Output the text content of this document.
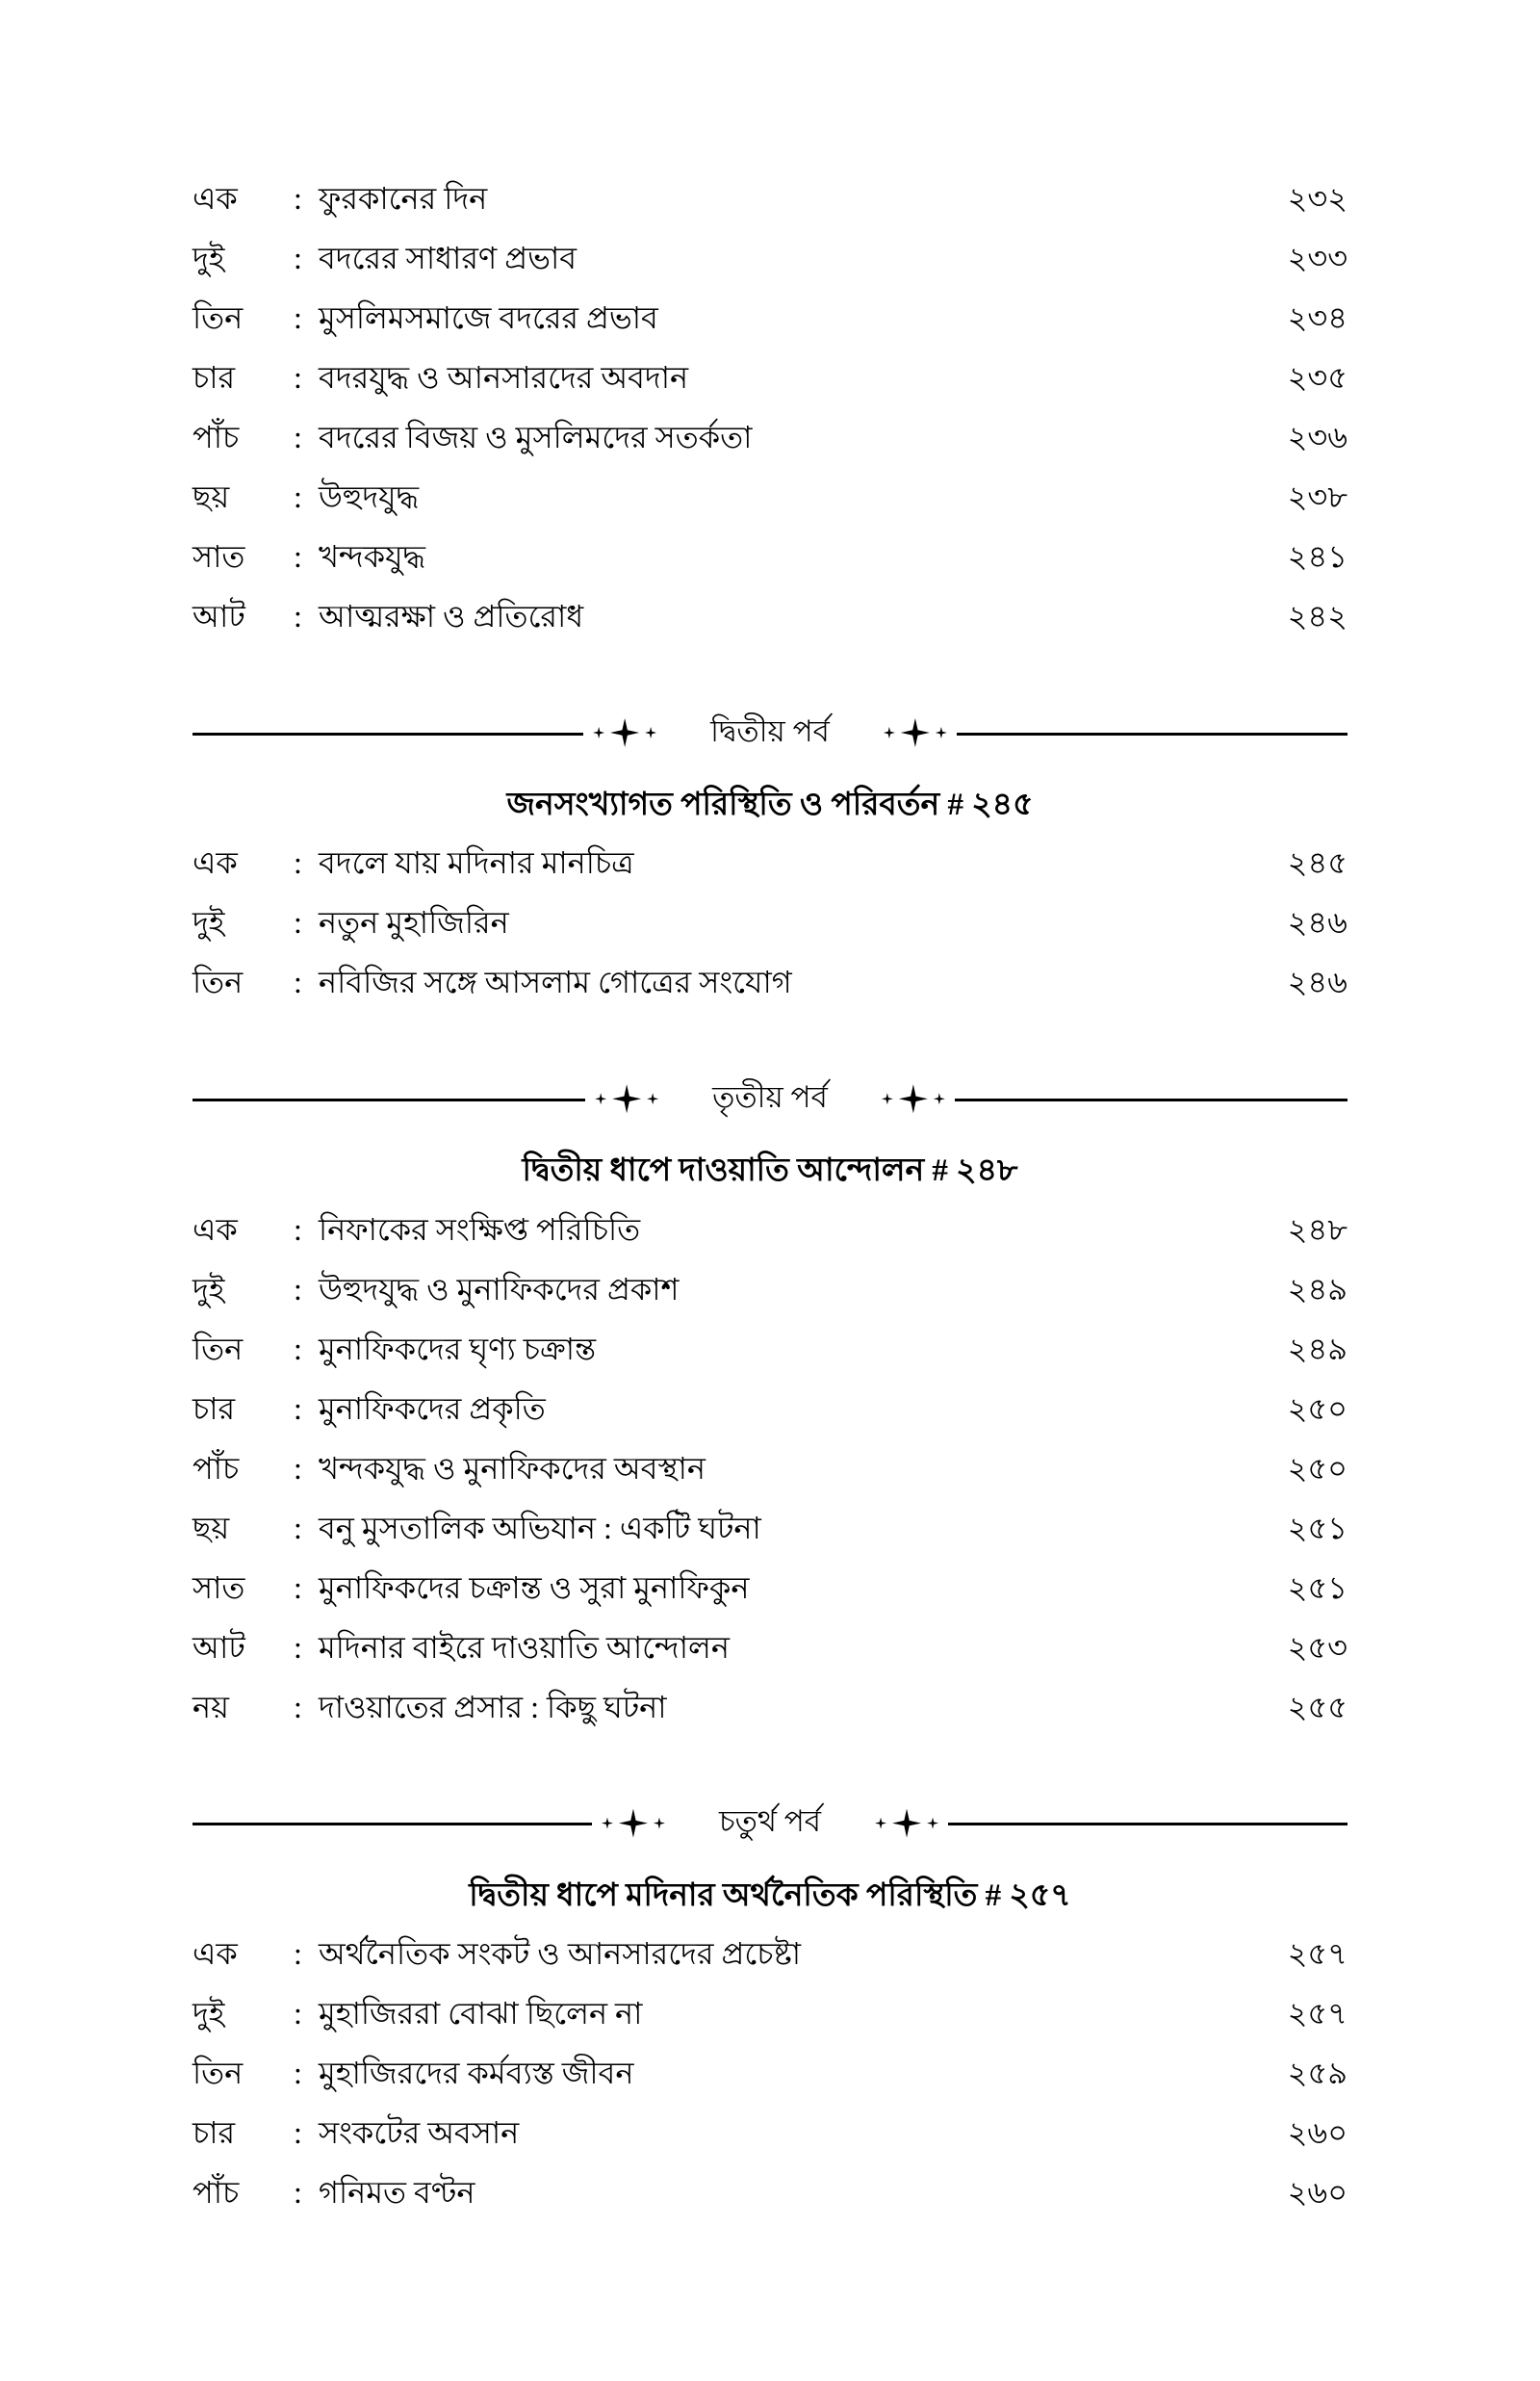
এক	: ফুরকানের দিন	২৩২
দুই	: বদরের সাধারণ প্রভাব	২৩৩
তিন	: মুসলিমসমাজে বদরের প্রভাব	২৩৪
চার	: বদরযুদ্ধ ও আনসারদের অবদান	২৩৫
পাঁচ	: বদরের বিজয় ও মুসলিমদের সতর্কতা	২৩৬
ছয়	: উহুদযুদ্ধ	২৩৮
সাত	: খন্দকযুদ্ধ	২৪১
আট	: আত্মরক্ষা ও প্রতিরোধ	২৪২
দ্বিতীয় পর্ব
জনসংখ্যাগত পরিস্থিতি ও পরিবর্তন # ২৪৫
এক	: বদলে যায় মদিনার মানচিত্র	২৪৫
দুই	: নতুন মুহাজিরিন	২৪৬
তিন	: নবিজির সঙ্গে আসলাম গোত্রের সংযোগ	২৪৬
তৃতীয় পর্ব
দ্বিতীয় ধাপে দাওয়াতি আন্দোলন # ২৪৮
এক	: নিফাকের সংক্ষিপ্ত পরিচিতি	২৪৮
দুই	: উহুদযুদ্ধ ও মুনাফিকদের প্রকাশ	২৪৯
তিন	: মুনাফিকদের ঘৃণ্য চক্রান্ত	২৪৯
চার	: মুনাফিকদের প্রকৃতি	২৫০
পাঁচ	: খন্দকযুদ্ধ ও মুনাফিকদের অবস্থান	২৫০
ছয়	: বনু মুসতালিক অভিযান : একটি ঘটনা	২৫১
সাত	: মুনাফিকদের চক্রান্ত ও সুরা মুনাফিকুন	২৫১
আট	: মদিনার বাইরে দাওয়াতি আন্দোলন	২৫৩
নয়	: দাওয়াতের প্রসার : কিছু ঘটনা	২৫৫
চতুর্থ পর্ব
দ্বিতীয় ধাপে মদিনার অর্থনৈতিক পরিস্থিতি # ২৫৭
এক	: অর্থনৈতিক সংকট ও আনসারদের প্রচেষ্টা	২৫৭
দুই	: মুহাজিররা বোঝা ছিলেন না	২৫৭
তিন	: মুহাজিরদের কর্মব্যস্ত জীবন	২৫৯
চার	: সংকটের অবসান	২৬০
পাঁচ	: গনিমত বণ্টন	২৬০
